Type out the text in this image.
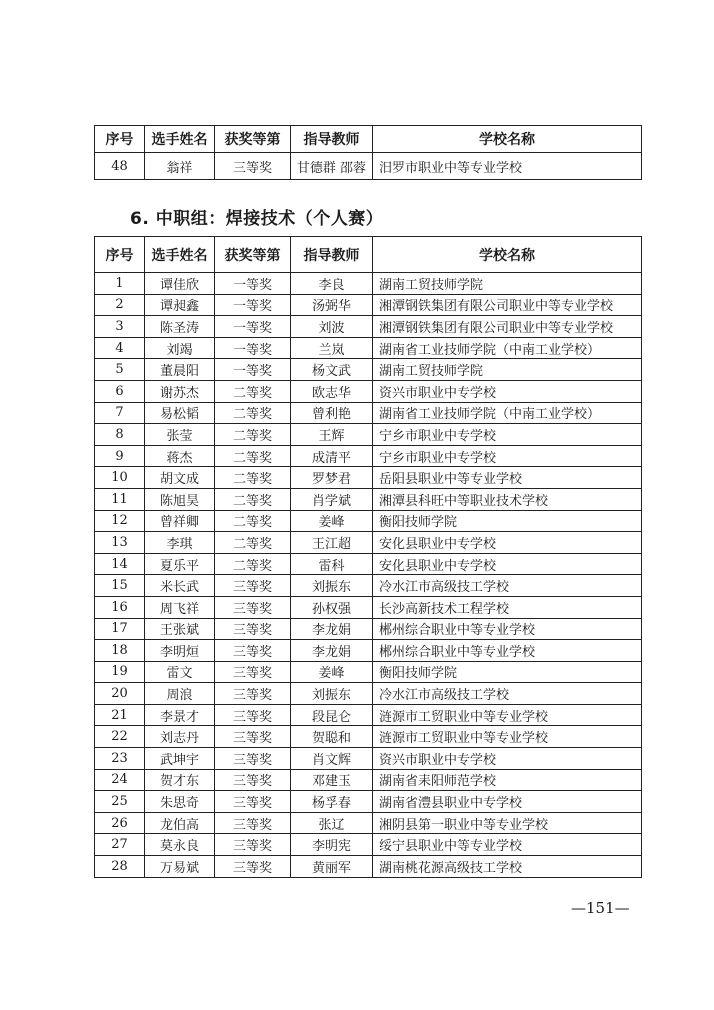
序号	选手姓名	获奖等第	指导教师	学校名称
48	翁祥	三等奖	甘德群 邵蓉	汨罗市职业中等专业学校
6. 中职组：焊接技术（个人赛）
序号	选手姓名	获奖等第	指导教师	学校名称
1	谭佳欣	一等奖	李良	湖南工贸技师学院
2	谭昶鑫	一等奖	汤弼华	湘潭钢铁集团有限公司职业中等专业学校
3	陈圣涛	一等奖	刘波	湘潭钢铁集团有限公司职业中等专业学校
4	刘竭	一等奖	兰岚	湖南省工业技师学院（中南工业学校）
5	董晨阳	一等奖	杨文武	湖南工贸技师学院
6	谢苏杰	二等奖	欧志华	资兴市职业中专学校
7	易松韬	二等奖	曾利艳	湖南省工业技师学院（中南工业学校）
8	张莹	二等奖	王辉	宁乡市职业中专学校
9	蒋杰	二等奖	成清平	宁乡市职业中专学校
10	胡文成	二等奖	罗梦君	岳阳县职业中等专业学校
11	陈旭昊	二等奖	肖学斌	湘潭县科旺中等职业技术学校
12	曾祥卿	二等奖	姜峰	衡阳技师学院
13	李琪	二等奖	王江超	安化县职业中专学校
14	夏乐平	二等奖	雷科	安化县职业中专学校
15	米长武	三等奖	刘振东	冷水江市高级技工学校
16	周飞祥	三等奖	孙权强	长沙高新技术工程学校
17	王张斌	三等奖	李龙娟	郴州综合职业中等专业学校
18	李明烜	三等奖	李龙娟	郴州综合职业中等专业学校
19	雷文	三等奖	姜峰	衡阳技师学院
20	周浪	三等奖	刘振东	冷水江市高级技工学校
21	李景才	三等奖	段昆仑	涟源市工贸职业中等专业学校
22	刘志丹	三等奖	贺聪和	涟源市工贸职业中等专业学校
23	武坤宇	三等奖	肖文辉	资兴市职业中专学校
24	贺才东	三等奖	邓建玉	湖南省耒阳师范学校
25	朱思奇	三等奖	杨孚春	湖南省澧县职业中专学校
26	龙伯高	三等奖	张辽	湘阴县第一职业中等专业学校
27	莫永良	三等奖	李明宪	绥宁县职业中等专业学校
28	万易斌	三等奖	黄丽军	湖南桃花源高级技工学校
—151—
